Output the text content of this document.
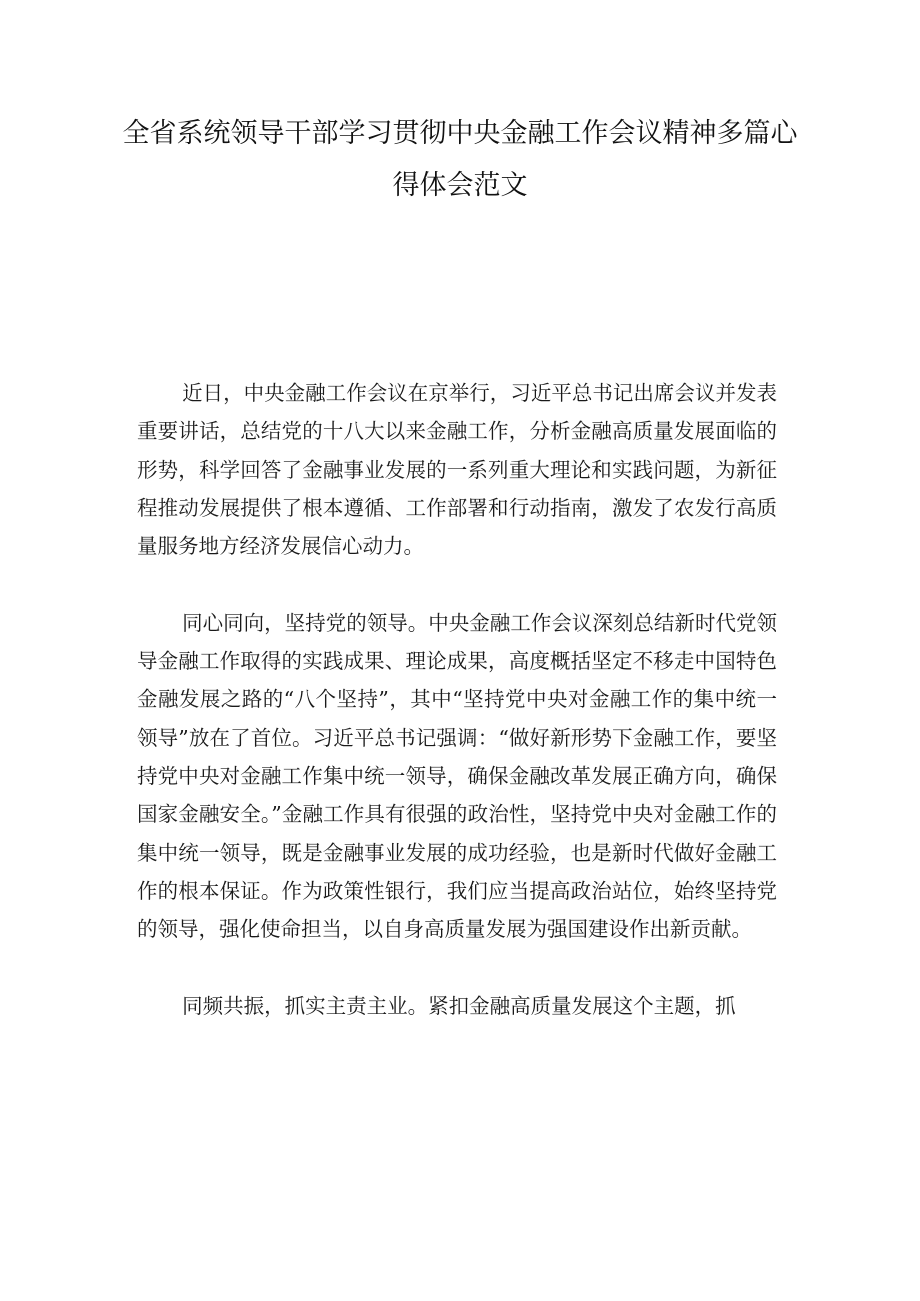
全省系统领导干部学习贯彻中央金融工作会议精神多篇心得体会范文

近日，中央金融工作会议在京举行，习近平总书记出席会议并发表重要讲话，总结党的十八大以来金融工作，分析金融高质量发展面临的形势，科学回答了金融事业发展的一系列重大理论和实践问题，为新征程推动发展提供了根本遵循、工作部署和行动指南，激发了农发行高质量服务地方经济发展信心动力。

同心同向，坚持党的领导。中央金融工作会议深刻总结新时代党领导金融工作取得的实践成果、理论成果，高度概括坚定不移走中国特色金融发展之路的“八个坚持”，其中“坚持党中央对金融工作的集中统一领导”放在了首位。习近平总书记强调：“做好新形势下金融工作，要坚持党中央对金融工作集中统一领导，确保金融改革发展正确方向，确保国家金融安全。”金融工作具有很强的政治性，坚持党中央对金融工作的集中统一领导，既是金融事业发展的成功经验，也是新时代做好金融工作的根本保证。作为政策性银行，我们应当提高政治站位，始终坚持党的领导，强化使命担当，以自身高质量发展为强国建设作出新贡献。

同频共振，抓实主责主业。紧扣金融高质量发展这个主题，抓
